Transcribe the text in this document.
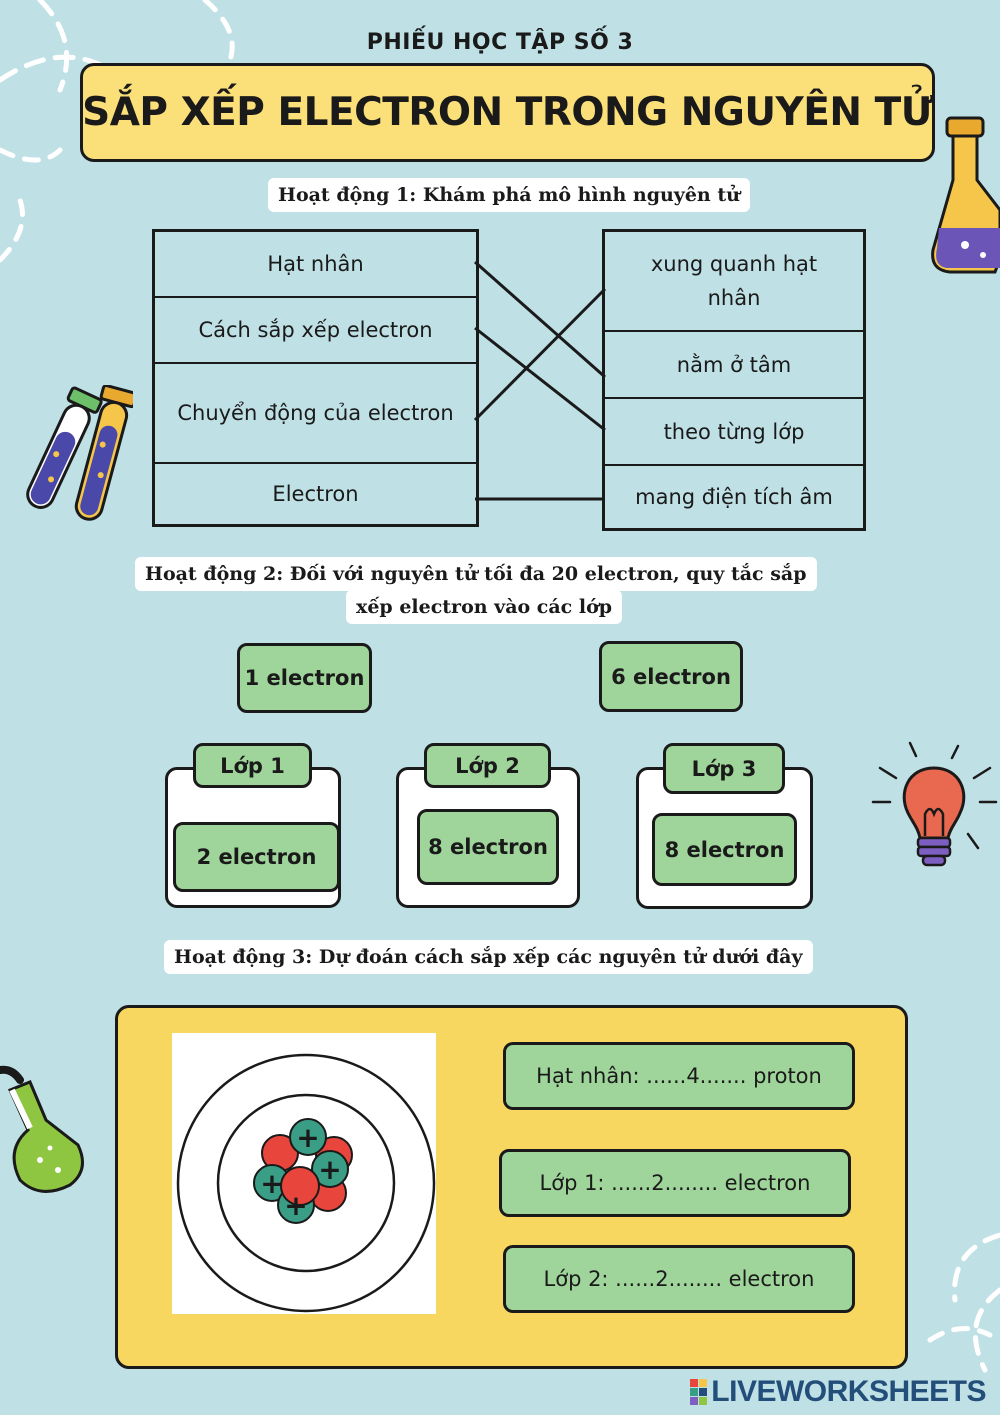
PHIẾU HỌC TẬP SỐ 3
SẮP XẾP ELECTRON TRONG NGUYÊN TỬ
Hoạt động 1: Khám phá mô hình nguyên tử
Hạt nhân
Cách sắp xếp electron
Chuyển động của electron
Electron
xung quanh hạt nhân
nằm ở tâm
theo từng lớp
mang điện tích âm
Hoạt động 2: Đối với nguyên tử tối đa 20 electron, quy tắc sắp
xếp electron vào các lớp
1 electron	6 electron
Lớp 1
2 electron
Lớp 2
8 electron
Lớp 3
8 electron
Hoạt động 3: Dự đoán cách sắp xếp các nguyên tử dưới đây
+
+
+
+
Hạt nhân: ......4....... proton
Lớp 1: ......2........ electron
Lớp 2: ......2........ electron
LIVEWORKSHEETS
